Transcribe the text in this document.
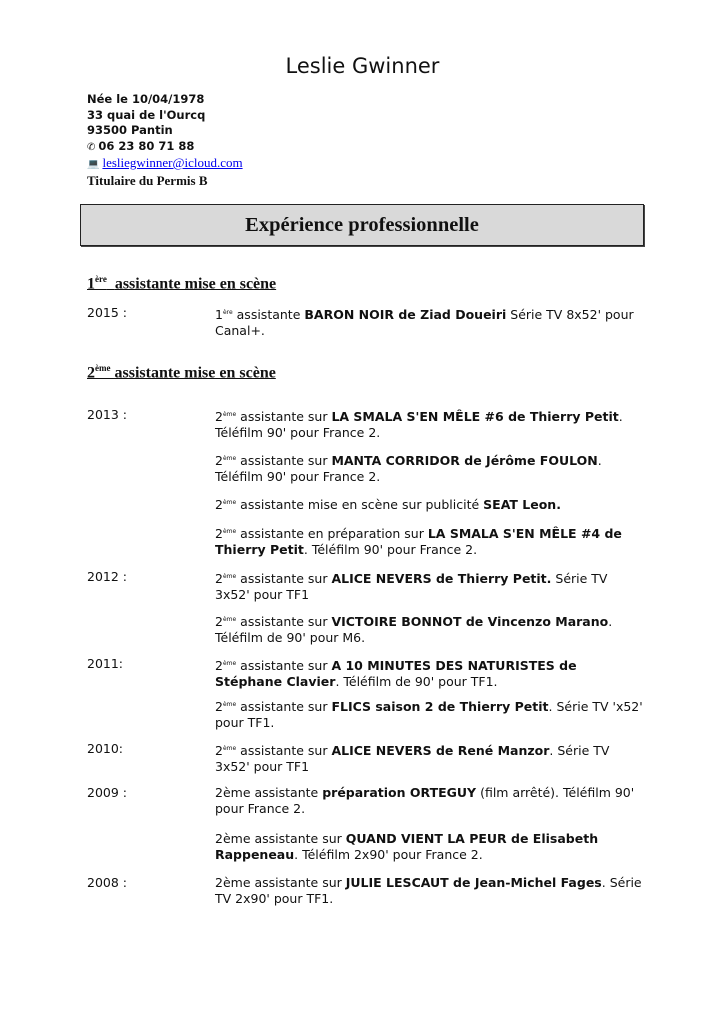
Leslie Gwinner
Née le 10/04/1978
33 quai de l'Ourcq
93500 Pantin
✆ 06 23 80 71 88
💻 lesliegwinner@icloud.com
Titulaire du Permis B
Expérience professionnelle
1ère assistante mise en scène
2015 :	1ère assistante BARON NOIR de Ziad Doueiri Série TV 8x52' pour Canal+.
2ème assistante mise en scène
2013 :	2ème assistante sur LA SMALA S'EN MÊLE #6 de Thierry Petit. Téléfilm 90' pour France 2.
2ème assistante sur MANTA CORRIDOR de Jérôme FOULON. Téléfilm 90' pour France 2.
2ème assistante mise en scène sur publicité SEAT Leon.
2ème assistante en préparation sur LA SMALA S'EN MÊLE #4 de Thierry Petit. Téléfilm 90' pour France 2.
2012 :	2ème assistante sur ALICE NEVERS de Thierry Petit. Série TV 3x52' pour TF1
2ème assistante sur VICTOIRE BONNOT de Vincenzo Marano. Téléfilm de 90' pour M6.
2011:	2ème assistante sur A 10 MINUTES DES NATURISTES de Stéphane Clavier. Téléfilm de 90' pour TF1.
2ème assistante sur FLICS saison 2 de Thierry Petit. Série TV 'x52' pour TF1.
2010:	2ème assistante sur ALICE NEVERS de René Manzor. Série TV 3x52' pour TF1
2009 :	2ème assistante préparation ORTEGUY (film arrêté). Téléfilm 90' pour France 2.
2ème assistante sur QUAND VIENT LA PEUR de Elisabeth Rappeneau. Téléfilm 2x90' pour France 2.
2008 :	2ème assistante sur JULIE LESCAUT de Jean-Michel Fages. Série TV 2x90' pour TF1.
